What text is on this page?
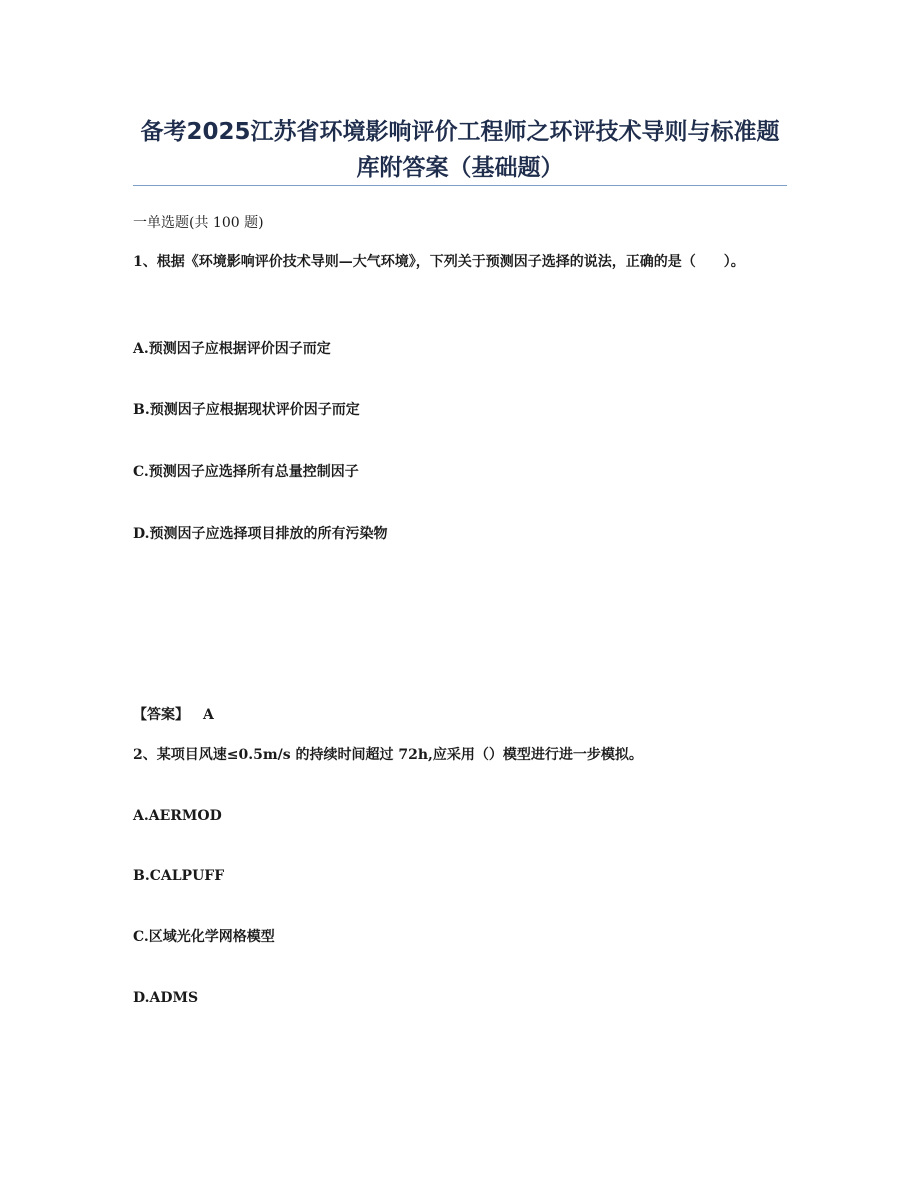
备考2025江苏省环境影响评价工程师之环评技术导则与标准题库附答案（基础题）
一单选题(共 100 题)
1、根据《环境影响评价技术导则—大气环境》，下列关于预测因子选择的说法，正确的是（　　）。
A.预测因子应根据评价因子而定
B.预测因子应根据现状评价因子而定
C.预测因子应选择所有总量控制因子
D.预测因子应选择项目排放的所有污染物
【答案】 A
2、某项目风速≤0.5m/s 的持续时间超过 72h,应采用（）模型进行进一步模拟。
A.AERMOD
B.CALPUFF
C.区域光化学网格模型
D.ADMS
